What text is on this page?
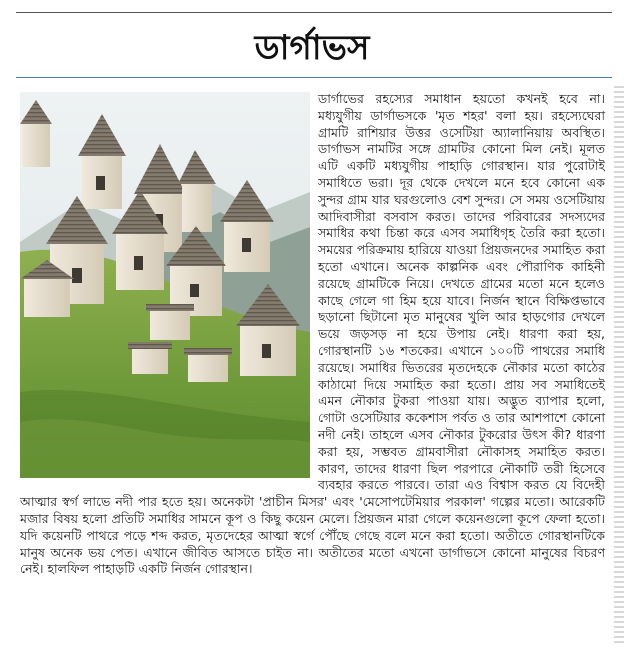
ডার্গাভস

ডার্গাভের রহস্যের সমাধান হয়তো কখনই হবে না। মধ্যযুগীয় ডার্গাভসকে 'মৃত শহর' বলা হয়। রহস্যেঘেরা গ্রামটি রাশিয়ার উত্তর ওসেটিয়া অ্যালানিয়ায় অবস্থিত। ডার্গাভস নামটির সঙ্গে গ্রামটির কোনো মিল নেই। মূলত এটি একটি মধ্যযুগীয় পাহাড়ি গোরস্থান। যার পুরোটাই সমাধিতে ভরা। দূর থেকে দেখলে মনে হবে কোনো এক সুন্দর গ্রাম যার ঘরগুলোও বেশ সুন্দর। সে সময় ওসেটিয়ায় আদিবাসীরা বসবাস করত। তাদের পরিবারের সদস্যদের সমাধির কথা চিন্তা করে এসব সমাধিগৃহ তৈরি করা হতো। সময়ের পরিক্রমায় হারিয়ে যাওয়া প্রিয়জনদের সমাহিত করা হতো এখানে। অনেক কাল্পনিক এবং পৌরাণিক কাহিনী রয়েছে গ্রামটিকে নিয়ে। দেখতে গ্রামের মতো মনে হলেও কাছে গেলে গা হিম হয়ে যাবে। নির্জন স্থানে বিক্ষিপ্তভাবে ছড়ানো ছিটানো মৃত মানুষের খুলি আর হাড়গোর দেখলে ভয়ে জড়সড় না হয়ে উপায় নেই। ধারণা করা হয়, গোরস্থানটি ১৬ শতকের। এখানে ১০০টি পাথরের সমাধি রয়েছে। সমাধির ভিতরের মৃতদেহকে নৌকার মতো কাঠের কাঠামো দিয়ে সমাহিত করা হতো। প্রায় সব সমাধিতেই এমন নৌকার টুকরা পাওয়া যায়। অদ্ভুত ব্যাপার হলো, গোটা ওসেটিয়ার ককেশাস পর্বত ও তার আশপাশে কোনো নদী নেই। তাহলে এসব নৌকার টুকরোর উৎস কী? ধারণা করা হয়, সম্ভবত গ্রামবাসীরা নৌকাসহ সমাহিত করত। কারণ, তাদের ধারণা ছিল পরপারে নৌকাটি তরী হিসেবে ব্যবহার করতে পারবে। তারা এও বিশ্বাস করত যে বিদেহী আত্মার স্বর্গ লাভে নদী পার হতে হয়। অনেকটা 'প্রাচীন মিসর' এবং 'মেসোপটেমিয়ার পরকাল' গল্পের মতো। আরেকটি মজার বিষয় হলো প্রতিটি সমাধির সামনে কূপ ও কিছু কয়েন মেলে। প্রিয়জন মারা গেলে কয়েনগুলো কূপে ফেলা হতো। যদি কয়েনটি পাথরে পড়ে শব্দ করত, মৃতদেহের আত্মা স্বর্গে পৌঁছে গেছে বলে মনে করা হতো। অতীতে গোরস্থানটিকে মানুষ অনেক ভয় পেত। এখানে জীবিত আসতে চাইত না। অতীতের মতো এখনো ডার্গাভসে কোনো মানুষের বিচরণ নেই। হালফিল পাহাড়টি একটি নির্জন গোরস্থান।
